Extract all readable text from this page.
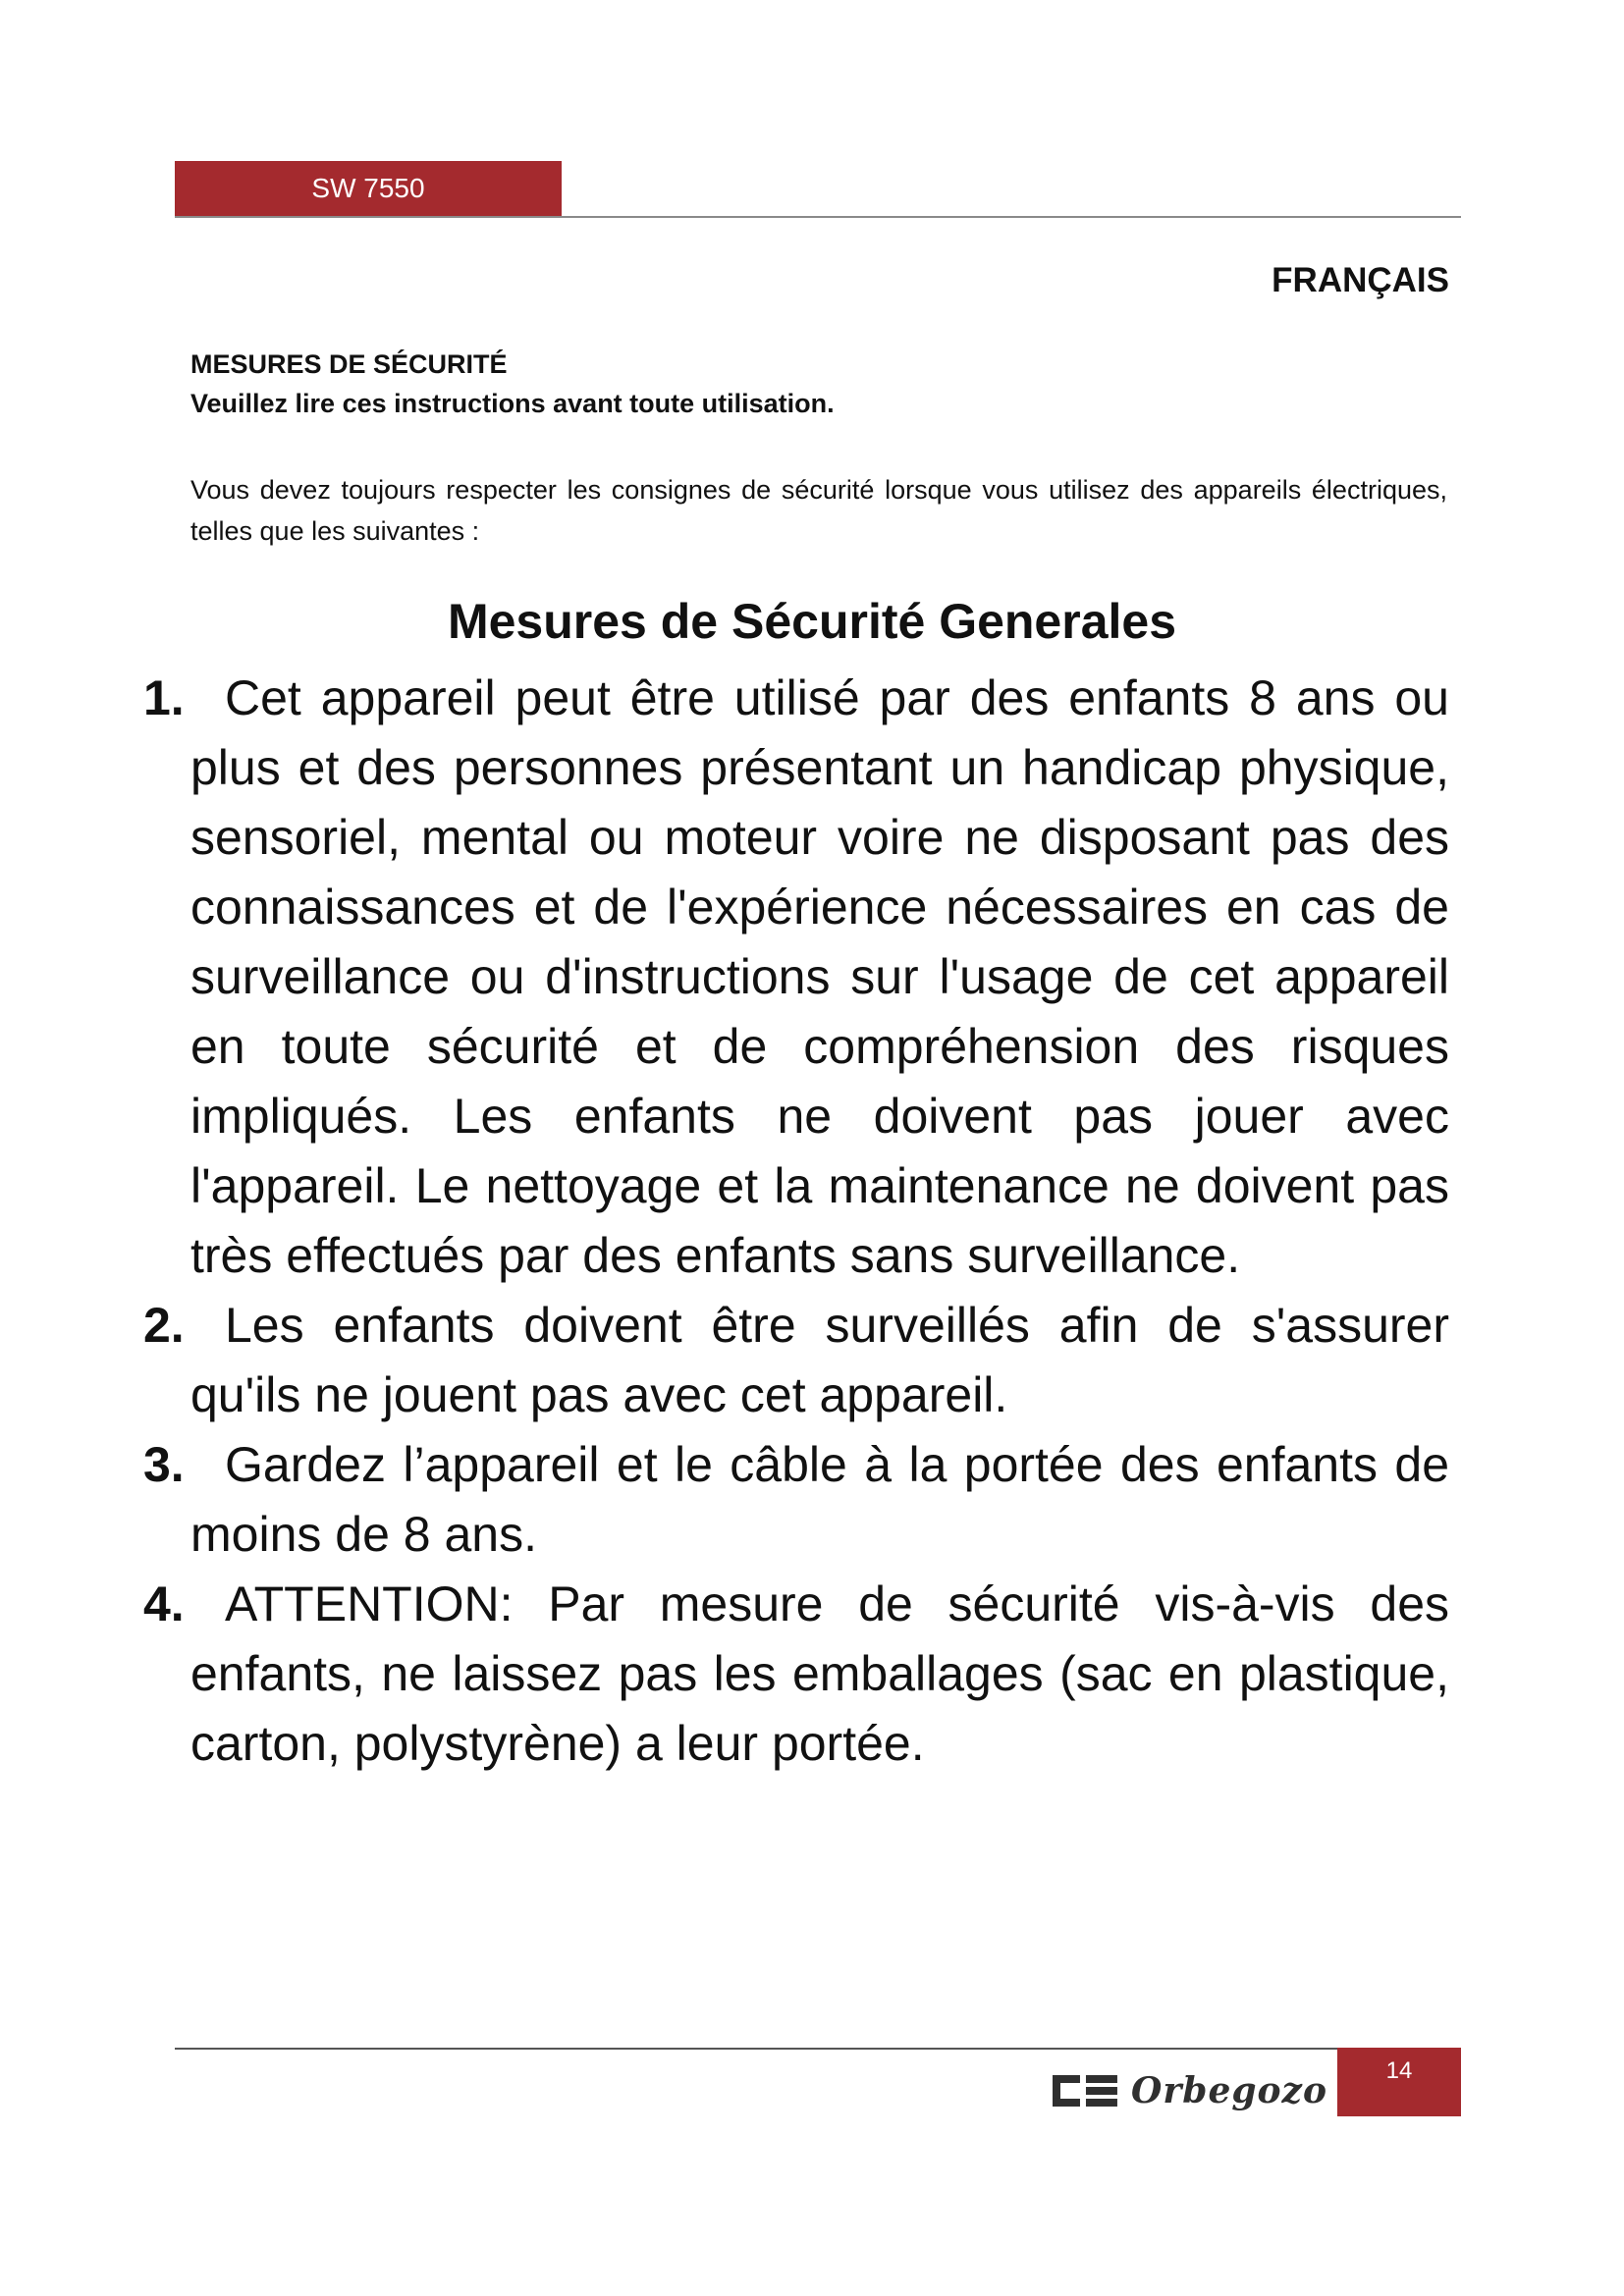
SW 7550
FRANÇAIS
MESURES DE SÉCURITÉ
Veuillez lire ces instructions avant toute utilisation.
Vous devez toujours respecter les consignes de sécurité lorsque vous utilisez des appareils électriques, telles que les suivantes :
Mesures de Sécurité Generales
1. Cet appareil peut être utilisé par des enfants 8 ans ou plus et des personnes présentant un handicap physique, sensoriel, mental ou moteur voire ne disposant pas des connaissances et de l'expérience nécessaires en cas de surveillance ou d'instructions sur l'usage de cet appareil en toute sécurité et de compréhension des risques impliqués. Les enfants ne doivent pas jouer avec l'appareil. Le nettoyage et la maintenance ne doivent pas très effectués par des enfants sans surveillance.
2. Les enfants doivent être surveillés afin de s'assurer qu'ils ne jouent pas avec cet appareil.
3. Gardez l’appareil et le câble à la portée des enfants de moins de 8 ans.
4. ATTENTION: Par mesure de sécurité vis-à-vis des enfants, ne laissez pas les emballages (sac en plastique, carton, polystyrène) a leur portée.
Orbegozo	14
